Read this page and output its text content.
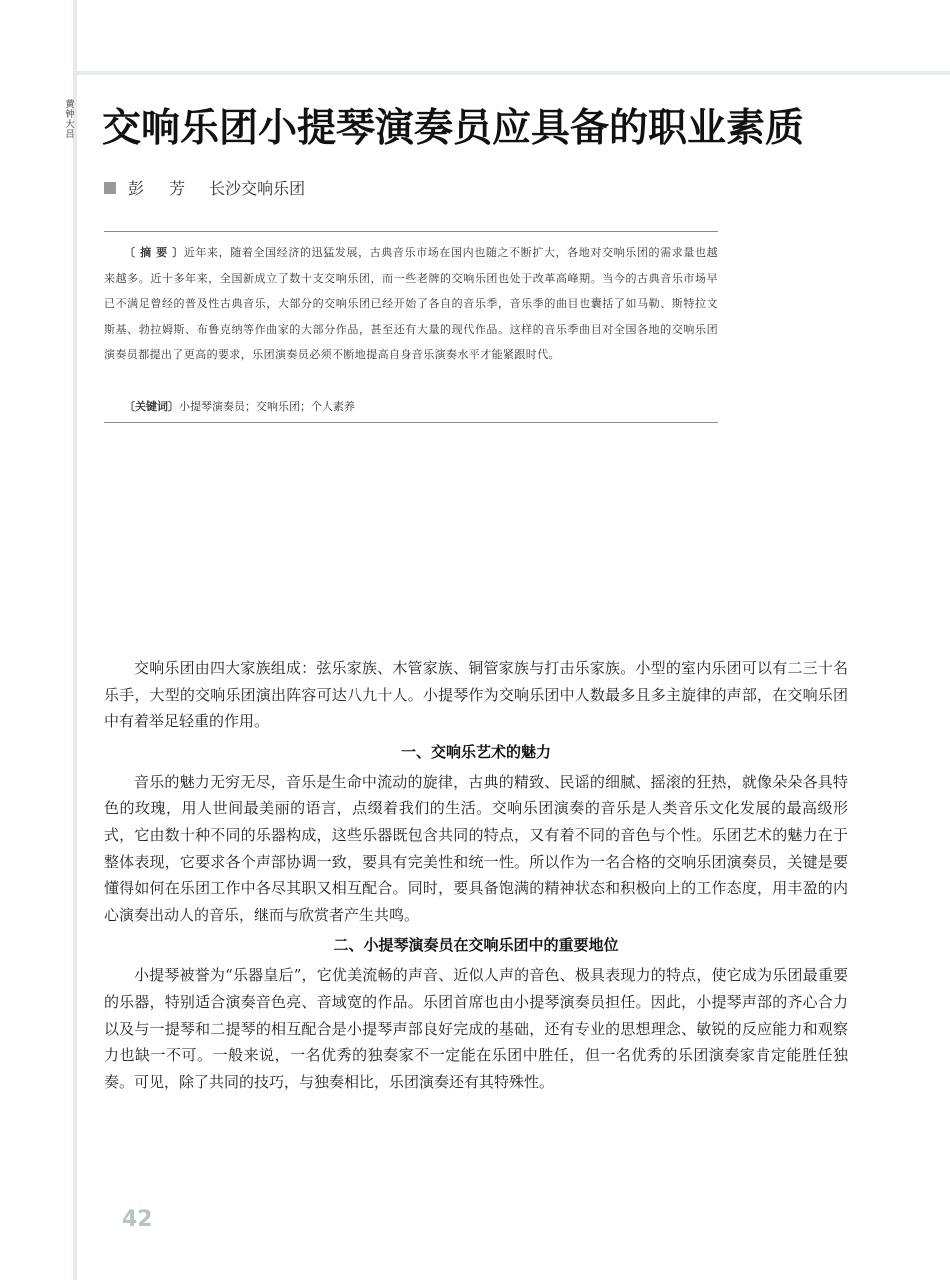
黄
钟
大
吕 交响乐团小提琴演奏员应具备的职业素质
彭 芳 长沙交响乐团
〔 摘 要 〕近年来，随着全国经济的迅猛发展，古典音乐市场在国内也随之不断扩大，各地对交响乐团的需求量也越来越多。近十多年来，全国新成立了数十支交响乐团，而一些老牌的交响乐团也处于改革高峰期。当今的古典音乐市场早已不满足曾经的普及性古典音乐，大部分的交响乐团已经开始了各自的音乐季，音乐季的曲目也囊括了如马勒、斯特拉文斯基、勃拉姆斯、布鲁克纳等作曲家的大部分作品，甚至还有大量的现代作品。这样的音乐季曲目对全国各地的交响乐团演奏员都提出了更高的要求，乐团演奏员必须不断地提高自身音乐演奏水平才能紧跟时代。
〔关键词〕小提琴演奏员；交响乐团；个人素养

交响乐团由四大家族组成：弦乐家族、木管家族、铜管家族与打击乐家族。小型的室内乐团可以有二三十名乐手，大型的交响乐团演出阵容可达八九十人。小提琴作为交响乐团中人数最多且多主旋律的声部，在交响乐团中有着举足轻重的作用。

一、交响乐艺术的魅力

音乐的魅力无穷无尽，音乐是生命中流动的旋律，古典的精致、民谣的细腻、摇滚的狂热，就像朵朵各具特色的玫瑰，用人世间最美丽的语言，点缀着我们的生活。交响乐团演奏的音乐是人类音乐文化发展的最高级形式，它由数十种不同的乐器构成，这些乐器既包含共同的特点，又有着不同的音色与个性。乐团艺术的魅力在于整体表现，它要求各个声部协调一致，要具有完美性和统一性。所以作为一名合格的交响乐团演奏员，关键是要懂得如何在乐团工作中各尽其职又相互配合。同时，要具备饱满的精神状态和积极向上的工作态度，用丰盈的内心演奏出动人的音乐，继而与欣赏者产生共鸣。

二、小提琴演奏员在交响乐团中的重要地位

小提琴被誉为“乐器皇后”，它优美流畅的声音、近似人声的音色、极具表现力的特点，使它成为乐团最重要的乐器，特别适合演奏音色亮、音域宽的作品。乐团首席也由小提琴演奏员担任。因此，小提琴声部的齐心合力以及与一提琴和二提琴的相互配合是小提琴声部良好完成的基础，还有专业的思想理念、敏锐的反应能力和观察力也缺一不可。一般来说，一名优秀的独奏家不一定能在乐团中胜任，但一名优秀的乐团演奏家肯定能胜任独奏。可见，除了共同的技巧，与独奏相比，乐团演奏还有其特殊性。

42
